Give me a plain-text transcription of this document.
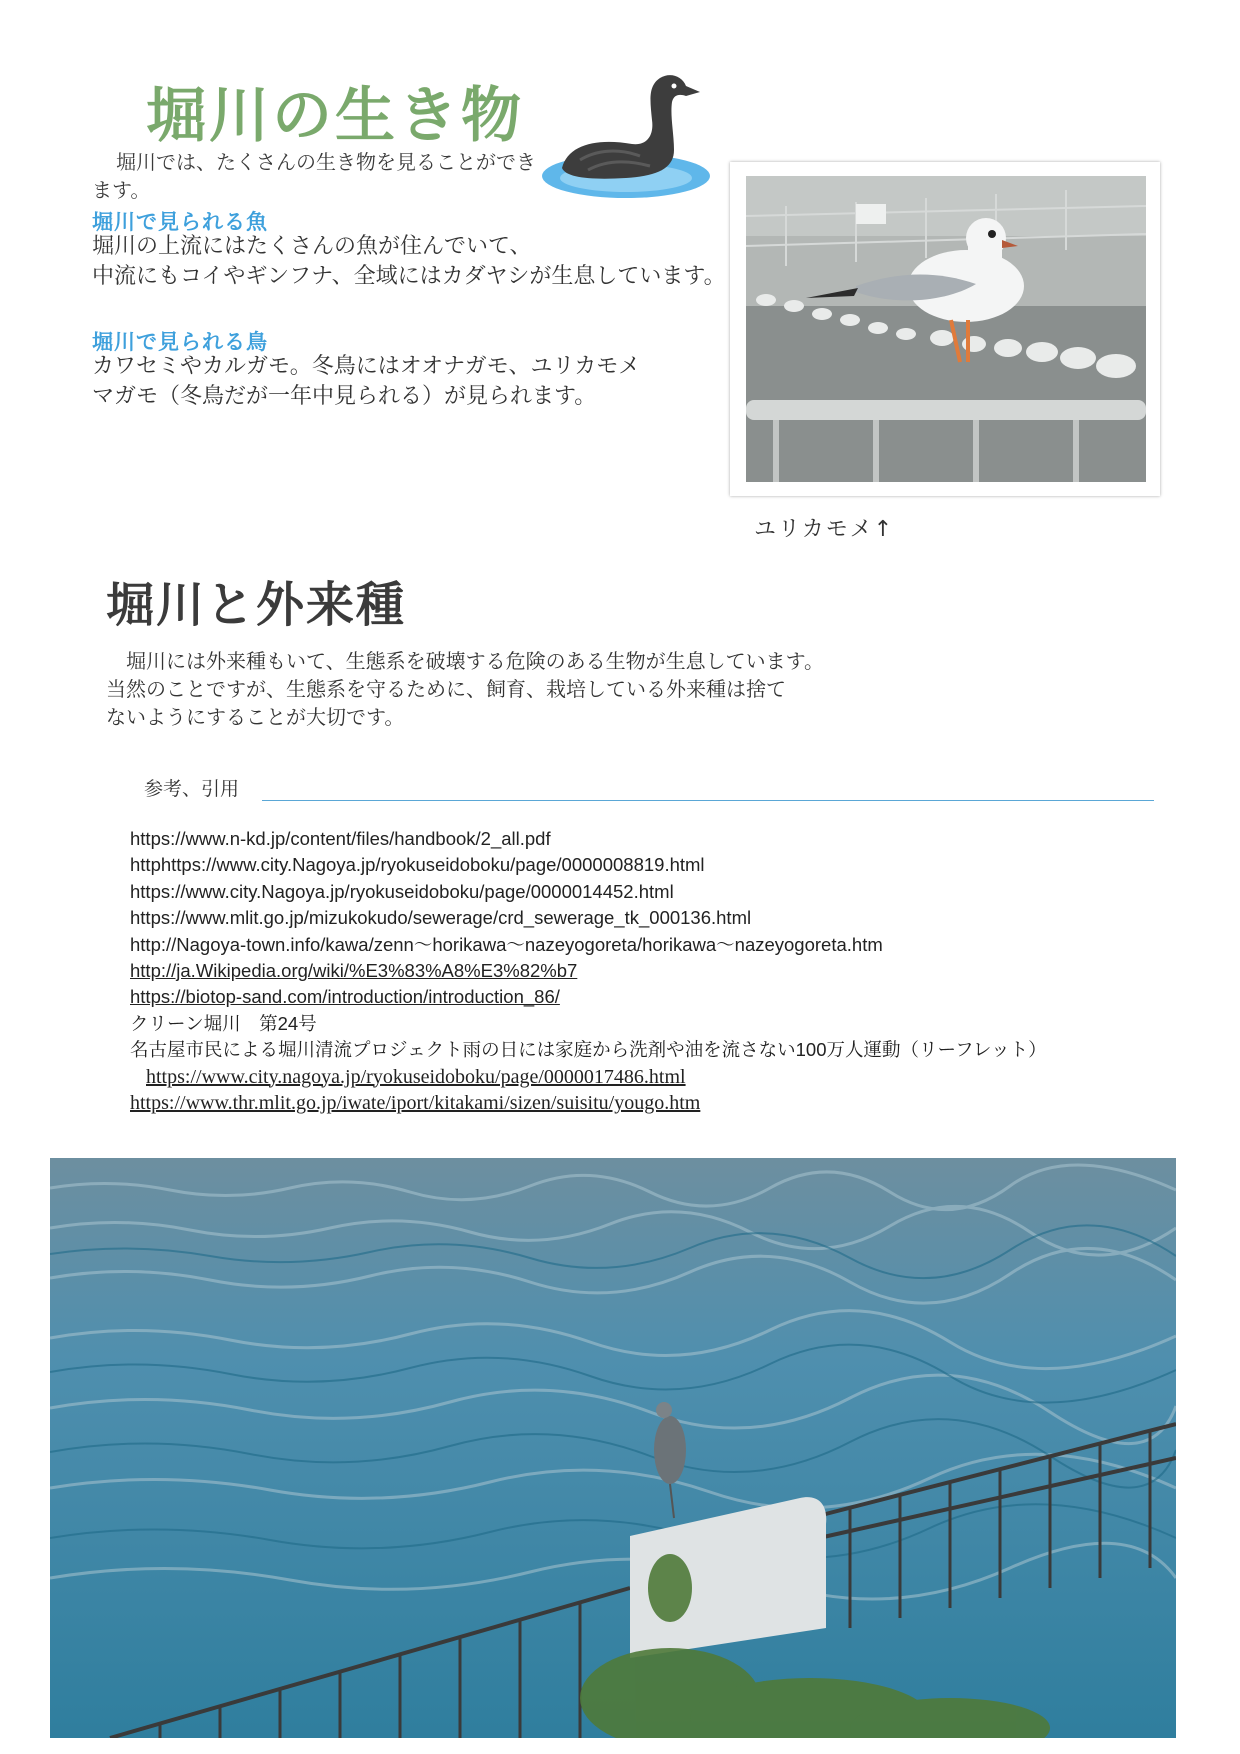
堀川の生き物

堀川では、たくさんの生き物を見ることができます。

堀川で見られる魚
堀川の上流にはたくさんの魚が住んでいて、
中流にもコイやギンフナ、全域にはカダヤシが生息しています。
堀川で見られる鳥
カワセミやカルガモ。冬鳥にはオオナガモ、ユリカモメ
マガモ（冬鳥だが一年中見られる）が見られます。

ユリカモメ↑

堀川と外来種
　堀川には外来種もいて、生態系を破壊する危険のある生物が生息しています。
当然のことですが、生態系を守るために、飼育、栽培している外来種は捨て
ないようにすることが大切です。

参考、引用

https://www.n-kd.jp/content/files/handbook/2_all.pdf
httphttps://www.city.Nagoya.jp/ryokuseidoboku/page/0000008819.html
https://www.city.Nagoya.jp/ryokuseidoboku/page/0000014452.html
https://www.mlit.go.jp/mizukokudo/sewerage/crd_sewerage_tk_000136.html
http://Nagoya-town.info/kawa/zenn～horikawa～nazeyogoreta/horikawa～nazeyogoreta.htm
http://ja.Wikipedia.org/wiki/%E3%83%A8%E3%82%b7
https://biotop-sand.com/introduction/introduction_86/
クリーン堀川　第24号
名古屋市民による堀川清流プロジェクト雨の日には家庭から洗剤や油を流さない100万人運動（リーフレット）
https://www.city.nagoya.jp/ryokuseidoboku/page/0000017486.html
https://www.thr.mlit.go.jp/iwate/iport/kitakami/sizen/suisitu/yougo.htm
